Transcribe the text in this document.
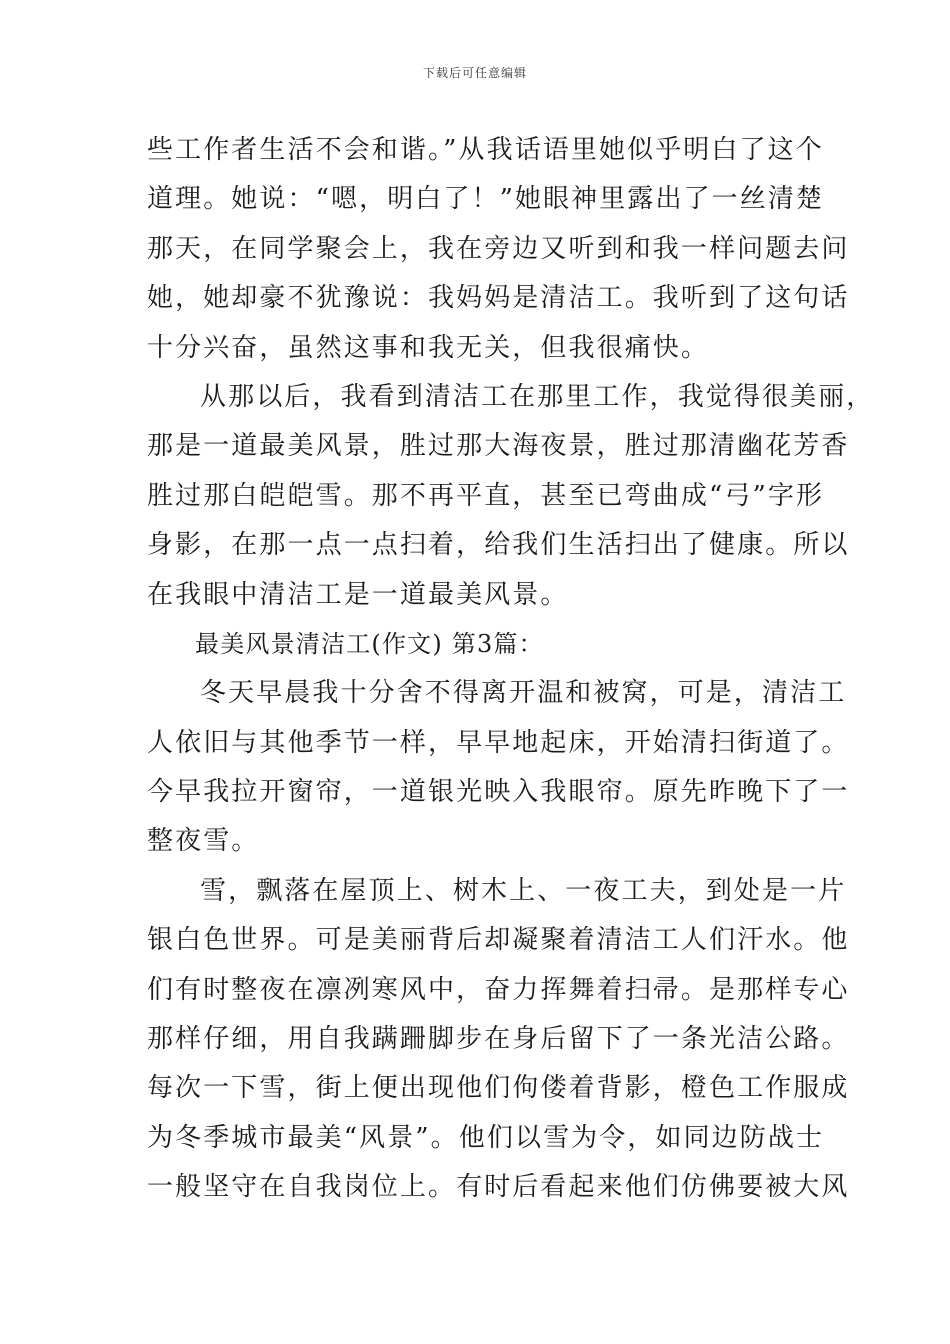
下载后可任意编辑
些工作者生活不会和谐。”从我话语里她似乎明白了这个
道理。她说：“嗯，明白了！”她眼神里露出了一丝清楚
那天，在同学聚会上，我在旁边又听到和我一样问题去问
她，她却豪不犹豫说：我妈妈是清洁工。我听到了这句话
十分兴奋，虽然这事和我无关，但我很痛快。
从那以后，我看到清洁工在那里工作，我觉得很美丽，
那是一道最美风景，胜过那大海夜景，胜过那清幽花芳香
胜过那白皑皑雪。那不再平直，甚至已弯曲成“弓”字形
身影，在那一点一点扫着，给我们生活扫出了健康。所以
在我眼中清洁工是一道最美风景。
最美风景清洁工(作文) 第3篇：
冬天早晨我十分舍不得离开温和被窝，可是，清洁工
人依旧与其他季节一样，早早地起床，开始清扫街道了。
今早我拉开窗帘，一道银光映入我眼帘。原先昨晚下了一
整夜雪。
雪，飘落在屋顶上、树木上、一夜工夫，到处是一片
银白色世界。可是美丽背后却凝聚着清洁工人们汗水。他
们有时整夜在凛冽寒风中，奋力挥舞着扫帚。是那样专心
那样仔细，用自我蹒跚脚步在身后留下了一条光洁公路。
每次一下雪，街上便出现他们佝偻着背影，橙色工作服成
为冬季城市最美“风景”。他们以雪为令，如同边防战士
一般坚守在自我岗位上。有时后看起来他们仿佛要被大风
